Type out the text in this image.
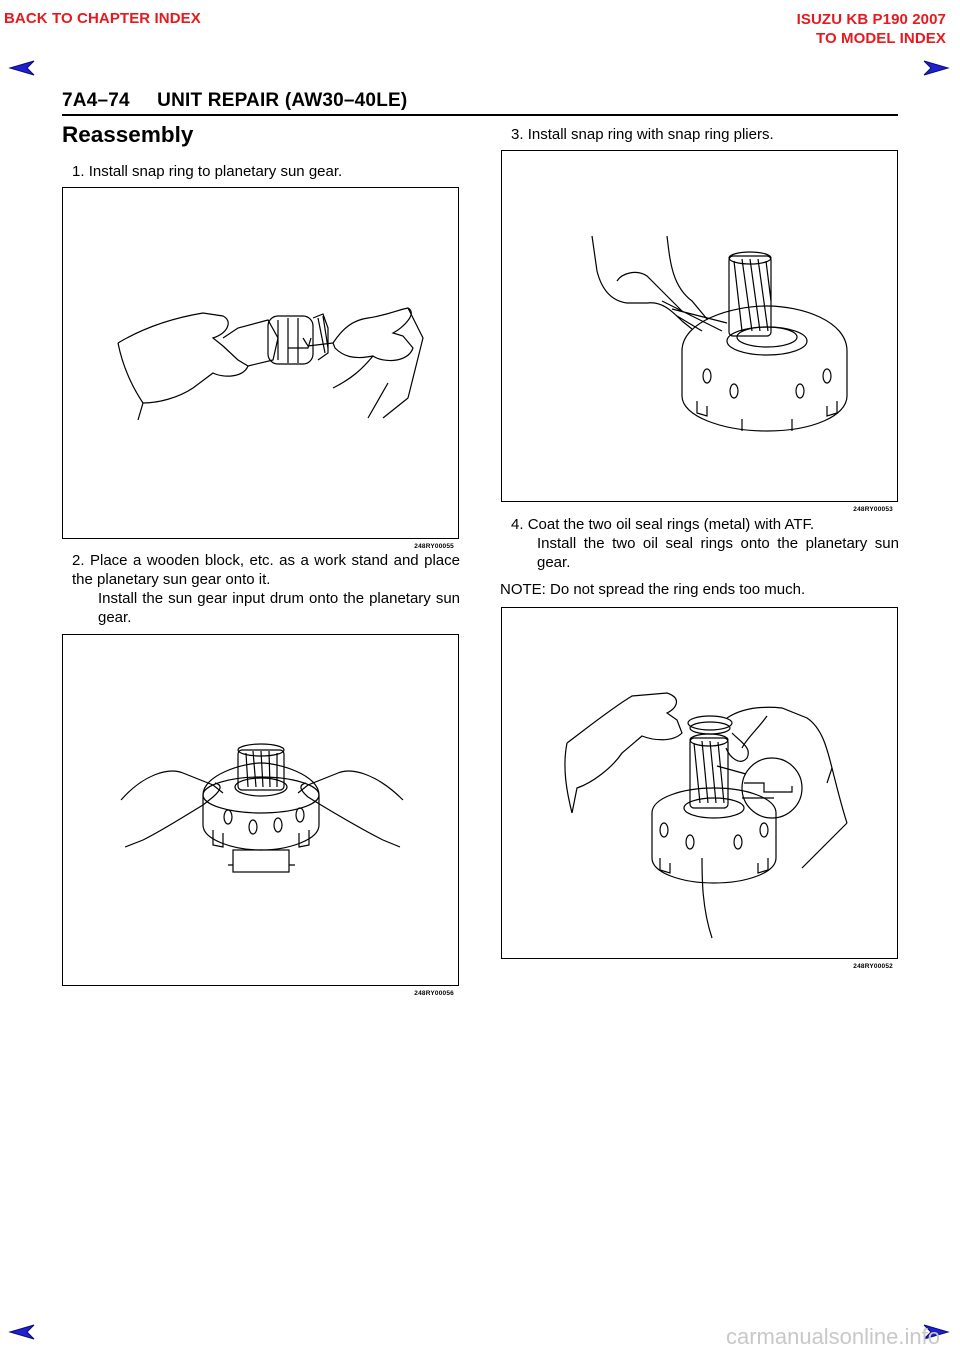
BACK TO CHAPTER INDEX	ISUZU KB P190 2007
TO MODEL INDEX
7A4–74 UNIT REPAIR (AW30–40LE)
Reassembly
1. Install snap ring to planetary sun gear.
248RY00055
2. Place a wooden block, etc. as a work stand and place the planetary sun gear onto it.
Install the sun gear input drum onto the planetary sun gear.
248RY00056
3. Install snap ring with snap ring pliers.
248RY00053
4. Coat the two oil seal rings (metal) with ATF.
Install the two oil seal rings onto the planetary sun gear.
NOTE: Do not spread the ring ends too much.
248RY00052
carmanualsonline.info
